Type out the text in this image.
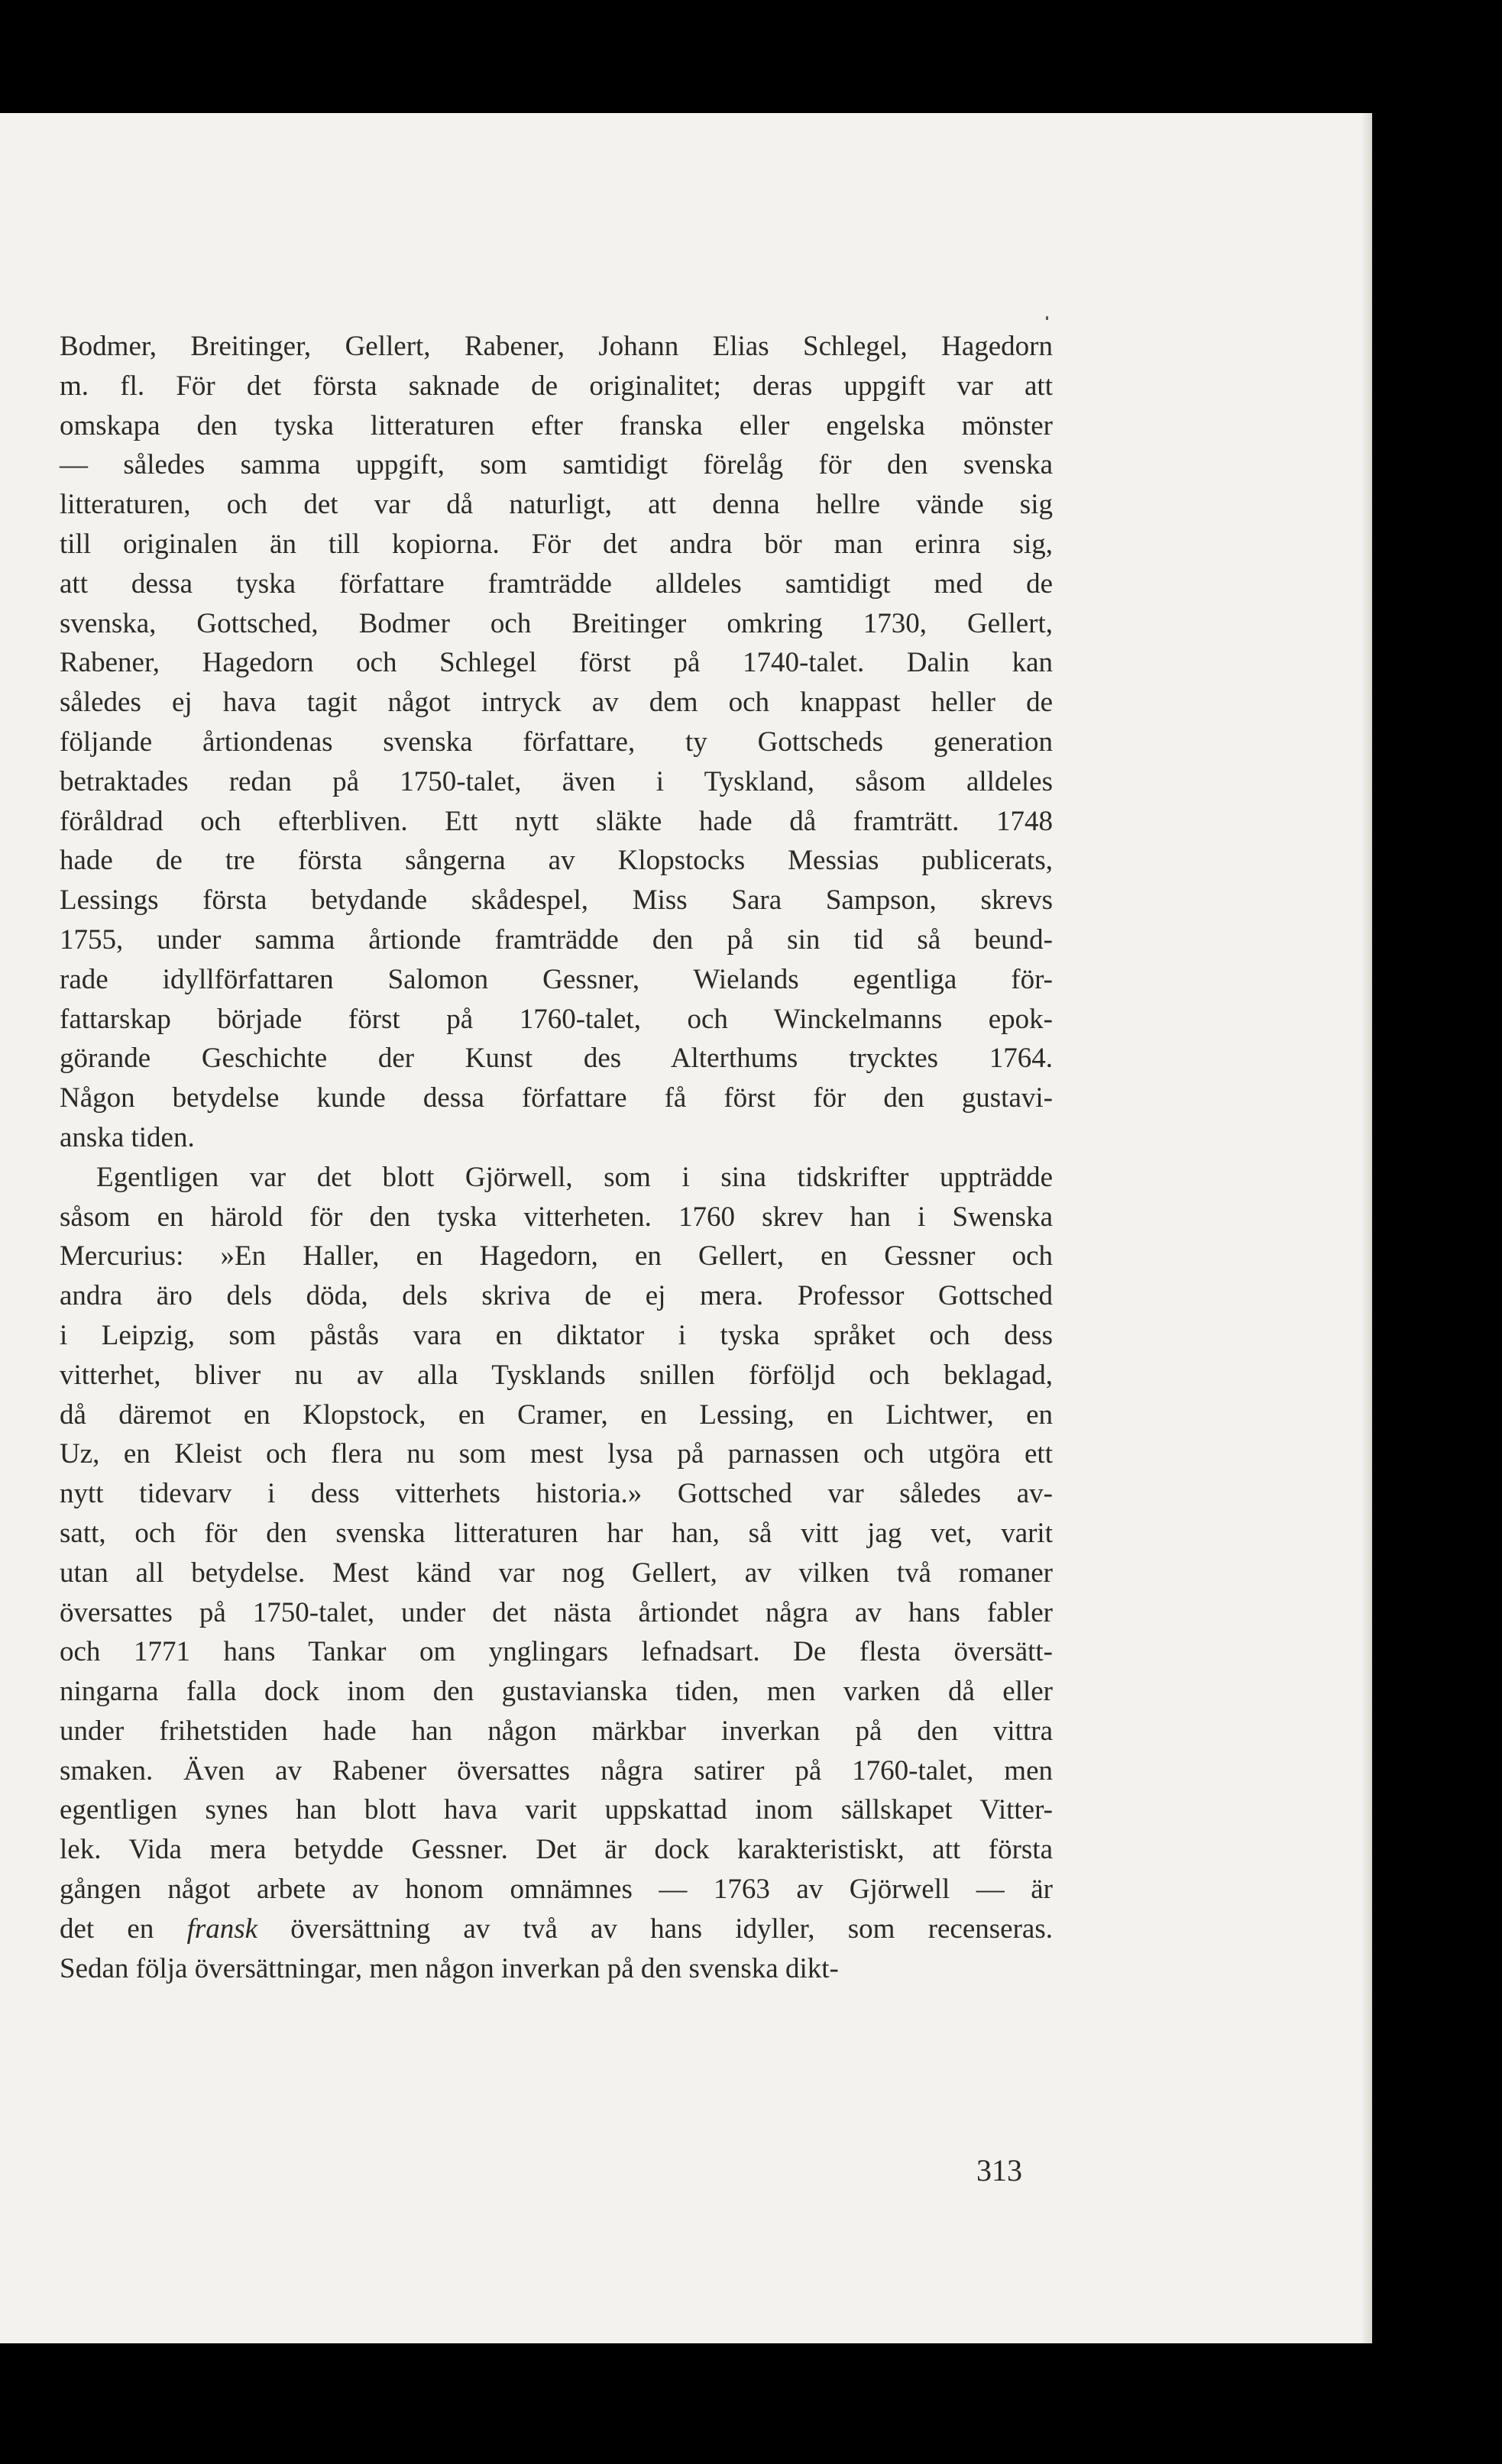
Bodmer, Breitinger, Gellert, Rabener, Johann Elias Schlegel, Hagedorn

m. fl. För det första saknade de originalitet; deras uppgift var att

omskapa den tyska litteraturen efter franska eller engelska mönster

— således samma uppgift, som samtidigt förelåg för den svenska

litteraturen, och det var då naturligt, att denna hellre vände sig

till originalen än till kopiorna. För det andra bör man erinra sig,

att dessa tyska författare framträdde alldeles samtidigt med de

svenska, Gottsched, Bodmer och Breitinger omkring 1730, Gellert,

Rabener, Hagedorn och Schlegel först på 1740-talet. Dalin kan

således ej hava tagit något intryck av dem och knappast heller de

följande årtiondenas svenska författare, ty Gottscheds generation

betraktades redan på 1750-talet, även i Tyskland, såsom alldeles

föråldrad och efterbliven. Ett nytt släkte hade då framträtt. 1748

hade de tre första sångerna av Klopstocks Messias publicerats,

Lessings första betydande skådespel, Miss Sara Sampson, skrevs

1755, under samma årtionde framträdde den på sin tid så beund-

rade idyllförfattaren Salomon Gessner, Wielands egentliga för-

fattarskap började först på 1760-talet, och Winckelmanns epok-

görande Geschichte der Kunst des Alterthums trycktes 1764.

Någon betydelse kunde dessa författare få först för den gustavi-

anska tiden.

Egentligen var det blott Gjörwell, som i sina tidskrifter uppträdde

såsom en härold för den tyska vitterheten. 1760 skrev han i Swenska

Mercurius: »En Haller, en Hagedorn, en Gellert, en Gessner och

andra äro dels döda, dels skriva de ej mera. Professor Gottsched

i Leipzig, som påstås vara en diktator i tyska språket och dess

vitterhet, bliver nu av alla Tysklands snillen förföljd och beklagad,

då däremot en Klopstock, en Cramer, en Lessing, en Lichtwer, en

Uz, en Kleist och flera nu som mest lysa på parnassen och utgöra ett

nytt tidevarv i dess vitterhets historia.» Gottsched var således av-

satt, och för den svenska litteraturen har han, så vitt jag vet, varit

utan all betydelse. Mest känd var nog Gellert, av vilken två romaner

översattes på 1750-talet, under det nästa årtiondet några av hans fabler

och 1771 hans Tankar om ynglingars lefnadsart. De flesta översätt-

ningarna falla dock inom den gustavianska tiden, men varken då eller

under frihetstiden hade han någon märkbar inverkan på den vittra

smaken. Även av Rabener översattes några satirer på 1760-talet, men

egentligen synes han blott hava varit uppskattad inom sällskapet Vitter-

lek. Vida mera betydde Gessner. Det är dock karakteristiskt, att första

gången något arbete av honom omnämnes — 1763 av Gjörwell — är

det en fransk översättning av två av hans idyller, som recenseras.

Sedan följa översättningar, men någon inverkan på den svenska dikt-

313
